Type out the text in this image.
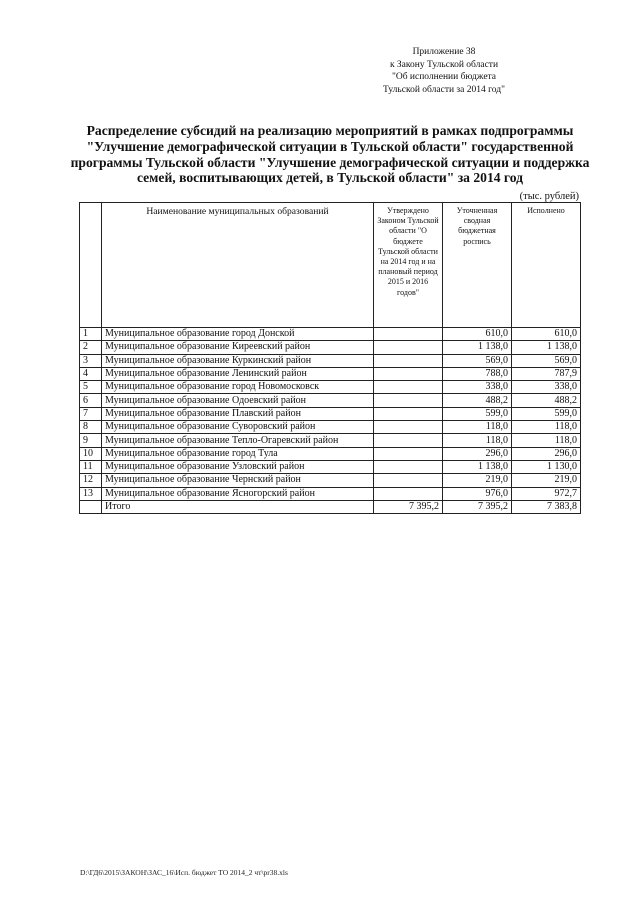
Приложение 38
к Закону Тульской области
"Об исполнении бюджета
Тульской области за 2014 год"
Распределение субсидий на реализацию мероприятий в рамках подпрограммы
"Улучшение демографической ситуации в Тульской области" государственной
программы Тульской области "Улучшение демографической ситуации и поддержка
семей, воспитывающих детей, в Тульской области" за 2014 год
(тыс. рублей)
	Наименование муниципальных образований	Утверждено Законом Тульской области "О бюджете Тульской области на 2014 год и на плановый период 2015 и 2016 годов"	Уточненная сводная бюджетная роспись	Исполнено
1	Муниципальное образование город Донской		610,0	610,0
2	Муниципальное образование Киреевский район		1 138,0	1 138,0
3	Муниципальное образование Куркинский район		569,0	569,0
4	Муниципальное образование Ленинский район		788,0	787,9
5	Муниципальное образование город Новомосковск		338,0	338,0
6	Муниципальное образование Одоевский район		488,2	488,2
7	Муниципальное образование Плавский район		599,0	599,0
8	Муниципальное образование Суворовский район		118,0	118,0
9	Муниципальное образование Тепло-Огаревский район		118,0	118,0
10	Муниципальное образование город Тула		296,0	296,0
11	Муниципальное образование Узловский район		1 138,0	1 130,0
12	Муниципальное образование Чернский район		219,0	219,0
13	Муниципальное образование Ясногорский район		976,0	972,7
	Итого	7 395,2	7 395,2	7 383,8
D:\ГД6\2015\ЗАКОН\ЗАС_16\Исп. бюджет ТО 2014_2 чт\pr38.xls
